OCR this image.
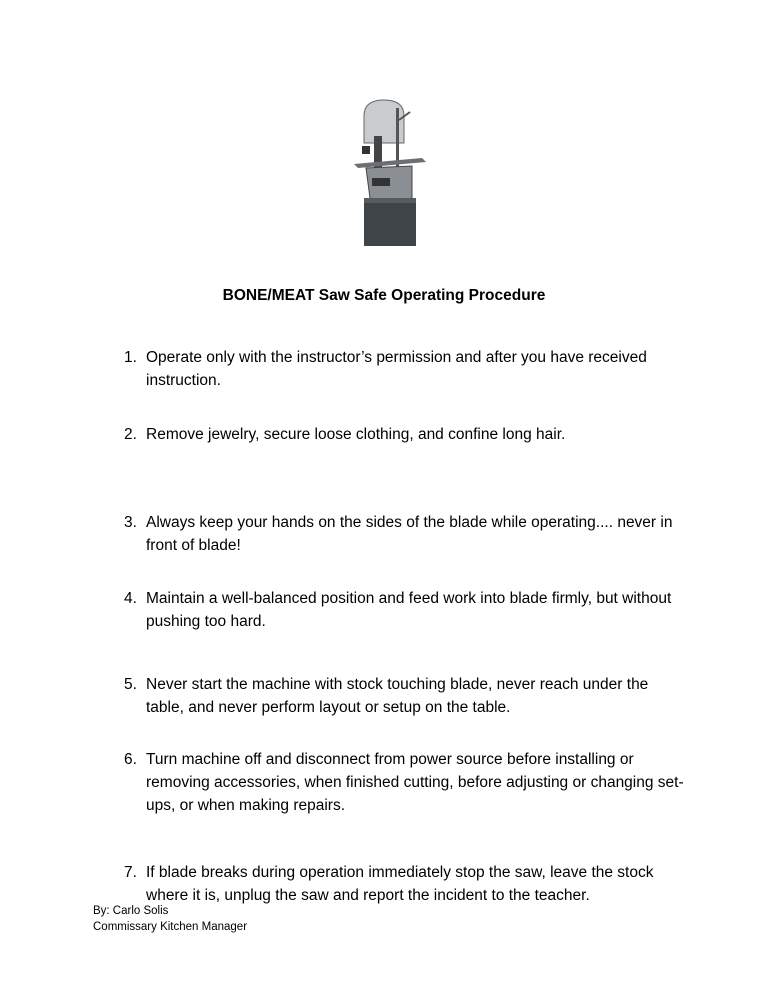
BONE/MEAT Saw Safe Operating Procedure
1. Operate only with the instructor’s permission and after you have received instruction.
2. Remove jewelry, secure loose clothing, and confine long hair.
3. Always keep your hands on the sides of the blade while operating.... never in front of blade!
4. Maintain a well-balanced position and feed work into blade firmly, but without pushing too hard.
5. Never start the machine with stock touching blade, never reach under the table, and never perform layout or setup on the table.
6. Turn machine off and disconnect from power source before installing or removing accessories, when finished cutting, before adjusting or changing set-ups, or when making repairs.
7. If blade breaks during operation immediately stop the saw, leave the stock where it is, unplug the saw and report the incident to the teacher.
By: Carlo Solis
Commissary Kitchen Manager
